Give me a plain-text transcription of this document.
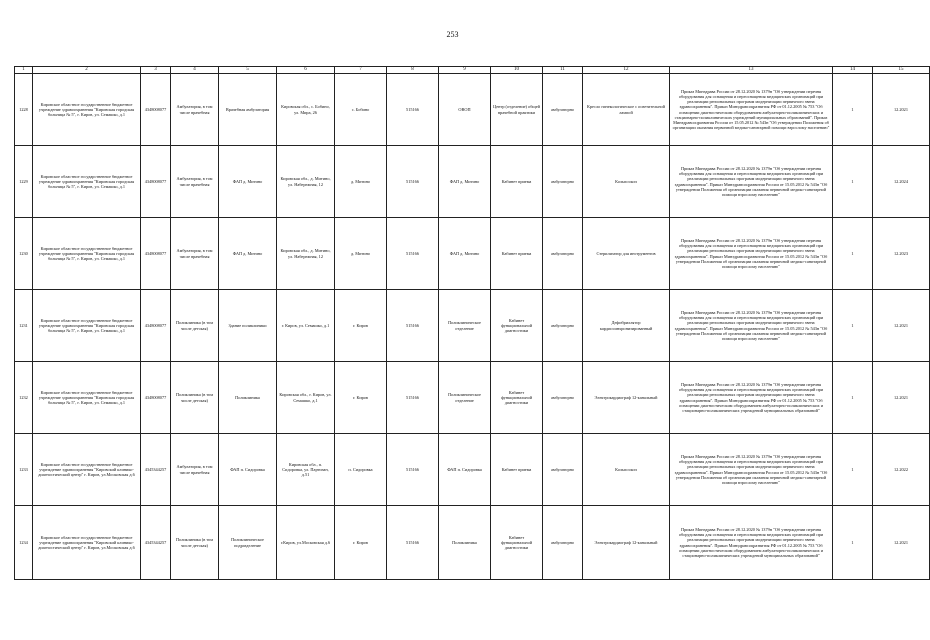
253
1	2	3	4	5	6	7	8	9	10	11	12	13	14	15
1228	Кировское областное государственное бюджетное учреждение здравоохранения "Кировская городская больница № 5", г. Киров, ул. Семашко, д.1	4348008077	Амбулатория, в том числе врачебная	Врачебная амбулатория	Кировская обл., с. Бобино, ул. Мира, 26	с. Бобино	515166	ОВОП	Центр (отделение) общей врачебной практики	амбулаторно	Кресло гинекологическое с осветительной лампой	Приказ Минздрава России от 28.12.2020 № 1379н "Об утверждении перечня оборудования для оснащения и переоснащения медицинских организаций при реализации региональных программ модернизации первичного звена здравоохранения". Приказ Минздравсоцразвития РФ от 01.12.2005 № 753 "Об оснащении диагностическим оборудованием амбулаторно-поликлинических и стационарно-поликлинических учреждений муниципальных образований". Приказ Минздравсоцразвития России от 15.05.2012 № 543н "Об утверждении Положения об организации оказания первичной медико-санитарной помощи взрослому населению"	1	12.2021
1229	Кировское областное государственное бюджетное учреждение здравоохранения "Кировская городская больница № 5", г. Киров, ул. Семашко, д.1	4348008077	Амбулатория, в том числе врачебная	ФАП д. Митино	Кировская обл., д. Митино, ул. Набережная, 12	д. Митино	515166	ФАП д. Митино	Кабинет приема	амбулаторно	Кольпоскоп	Приказ Минздрава России от 28.12.2020 № 1379н "Об утверждении перечня оборудования для оснащения и переоснащения медицинских организаций при реализации региональных программ модернизации первичного звена здравоохранения". Приказ Минздравсоцразвития России от 15.05.2012 № 543н "Об утверждении Положения об организации оказания первичной медико-санитарной помощи взрослому населению"	1	12.2024
1230	Кировское областное государственное бюджетное учреждение здравоохранения "Кировская городская больница № 5", г. Киров, ул. Семашко, д.1	4348008077	Амбулатория, в том числе врачебная	ФАП д. Митино	Кировская обл., д. Митино, ул. Набережная, 12	д. Митино	515166	ФАП д. Митино	Кабинет приема	амбулаторно	Стерилизатор для инструментов	Приказ Минздрава России от 28.12.2020 № 1379н "Об утверждении перечня оборудования для оснащения и переоснащения медицинских организаций при реализации региональных программ модернизации первичного звена здравоохранения". Приказ Минздравсоцразвития России от 15.05.2012 № 543н "Об утверждении Положения об организации оказания первичной медико-санитарной помощи взрослому населению"	1	12.2023
1231	Кировское областное государственное бюджетное учреждение здравоохранения "Кировская городская больница № 5", г. Киров, ул. Семашко, д.1	4348008077	Поликлиника (в том числе детская)	Здание поликлиники	г. Киров, ул. Семашко, д.1	г. Киров	515166	Поликлиническое отделение	Кабинет функциональной диагностики	амбулаторно	Дефибриллятор кардиосинхронизированный	Приказ Минздрава России от 28.12.2020 № 1379н "Об утверждении перечня оборудования для оснащения и переоснащения медицинских организаций при реализации региональных программ модернизации первичного звена здравоохранения". Приказ Минздравсоцразвития России от 15.05.2012 № 543н "Об утверждении Положения об организации оказания первичной медико-санитарной помощи взрослому населению"	1	12.2021
1232	Кировское областное государственное бюджетное учреждение здравоохранения "Кировская городская больница № 5", г. Киров, ул. Семашко, д.1	4348008077	Поликлиника (в том числе детская)	Поликлиника	Кировская обл., г. Киров, ул. Семашко, д.1	г. Киров	515166	Поликлиническое отделение	Кабинет функциональной диагностики	амбулаторно	Электрокардиограф 12-канальный	Приказ Минздрава России от 28.12.2020 № 1379н "Об утверждении перечня оборудования для оснащения и переоснащения медицинских организаций при реализации региональных программ модернизации первичного звена здравоохранения". Приказ Минздравсоцразвития РФ от 01.12.2005 № 753 "Об оснащении диагностическим оборудованием амбулаторно-поликлинических и стационарно-поликлинических учреждений муниципальных образований"	1	12.2021
1233	Кировское областное государственное бюджетное учреждение здравоохранения "Кировский клинико-диагностический центр" г. Киров, ул.Московская д.6	4345344257	Амбулатория, в том числе врачебная	ФАП п. Сидоровка	Кировская обл., п. Сидоровка, ул. Партизан, д.51	п. Сидоровка	515166	ФАП п. Сидоровка	Кабинет приема	амбулаторно	Кольпоскоп	Приказ Минздрава России от 28.12.2020 № 1379н "Об утверждении перечня оборудования для оснащения и переоснащения медицинских организаций при реализации региональных программ модернизации первичного звена здравоохранения". Приказ Минздравсоцразвития России от 15.05.2012 № 543н "Об утверждении Положения об организации оказания первичной медико-санитарной помощи взрослому населению"	1	12.2022
1234	Кировское областное государственное бюджетное учреждение здравоохранения "Кировский клинико-диагностический центр" г. Киров, ул.Московская д.6	4345344257	Поликлиника (в том числе детская)	Поликлиническое подразделение	г.Киров, ул.Московская д.6	г. Киров	515166	Поликлиника	Кабинет функциональной диагностики	амбулаторно	Электрокардиограф 12-канальный	Приказ Минздрава России от 28.12.2020 № 1379н "Об утверждении перечня оборудования для оснащения и переоснащения медицинских организаций при реализации региональных программ модернизации первичного звена здравоохранения". Приказ Минздравсоцразвития РФ от 01.12.2005 № 753 "Об оснащении диагностическим оборудованием амбулаторно-поликлинических и стационарно-поликлинических учреждений муниципальных образований"	1	12.2021
